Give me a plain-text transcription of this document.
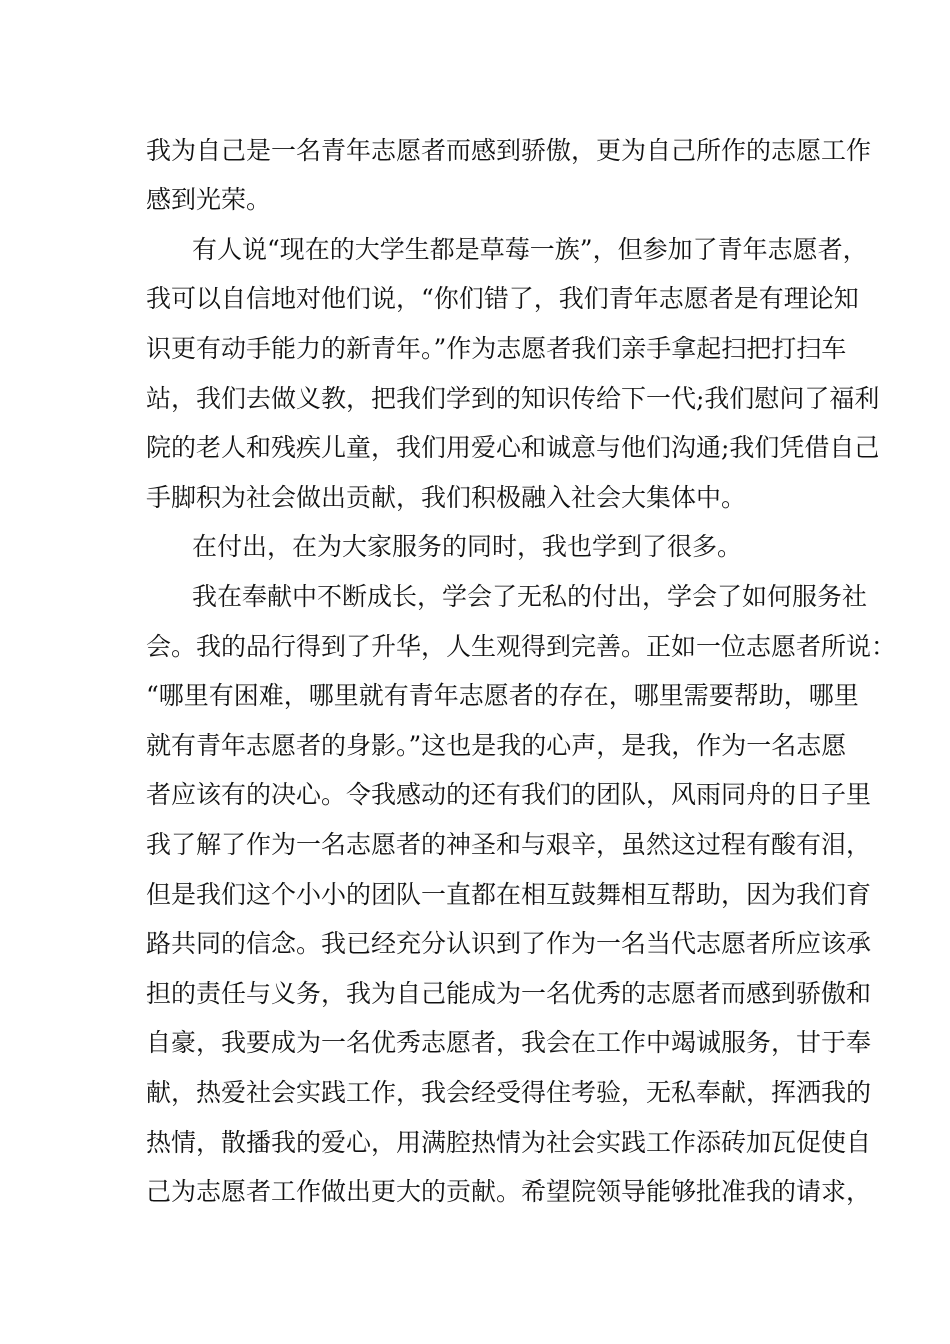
我为自己是一名青年志愿者而感到骄傲，更为自己所作的志愿工作

感到光荣。

有人说“现在的大学生都是草莓一族”，但参加了青年志愿者，

我可以自信地对他们说，“你们错了，我们青年志愿者是有理论知

识更有动手能力的新青年。”作为志愿者我们亲手拿起扫把打扫车

站，我们去做义教，把我们学到的知识传给下一代;我们慰问了福利

院的老人和残疾儿童，我们用爱心和诚意与他们沟通;我们凭借自己

手脚积为社会做出贡献，我们积极融入社会大集体中。

在付出，在为大家服务的同时，我也学到了很多。

我在奉献中不断成长，学会了无私的付出，学会了如何服务社

会。我的品行得到了升华，人生观得到完善。正如一位志愿者所说：

“哪里有困难，哪里就有青年志愿者的存在，哪里需要帮助，哪里

就有青年志愿者的身影。”这也是我的心声，是我，作为一名志愿

者应该有的决心。令我感动的还有我们的团队，风雨同舟的日子里

我了解了作为一名志愿者的神圣和与艰辛，虽然这过程有酸有泪，

但是我们这个小小的团队一直都在相互鼓舞相互帮助，因为我们育

路共同的信念。我已经充分认识到了作为一名当代志愿者所应该承

担的责任与义务，我为自己能成为一名优秀的志愿者而感到骄傲和

自豪，我要成为一名优秀志愿者，我会在工作中竭诚服务，甘于奉

献，热爱社会实践工作，我会经受得住考验，无私奉献，挥洒我的

热情，散播我的爱心，用满腔热情为社会实践工作添砖加瓦促使自

己为志愿者工作做出更大的贡献。希望院领导能够批准我的请求，
